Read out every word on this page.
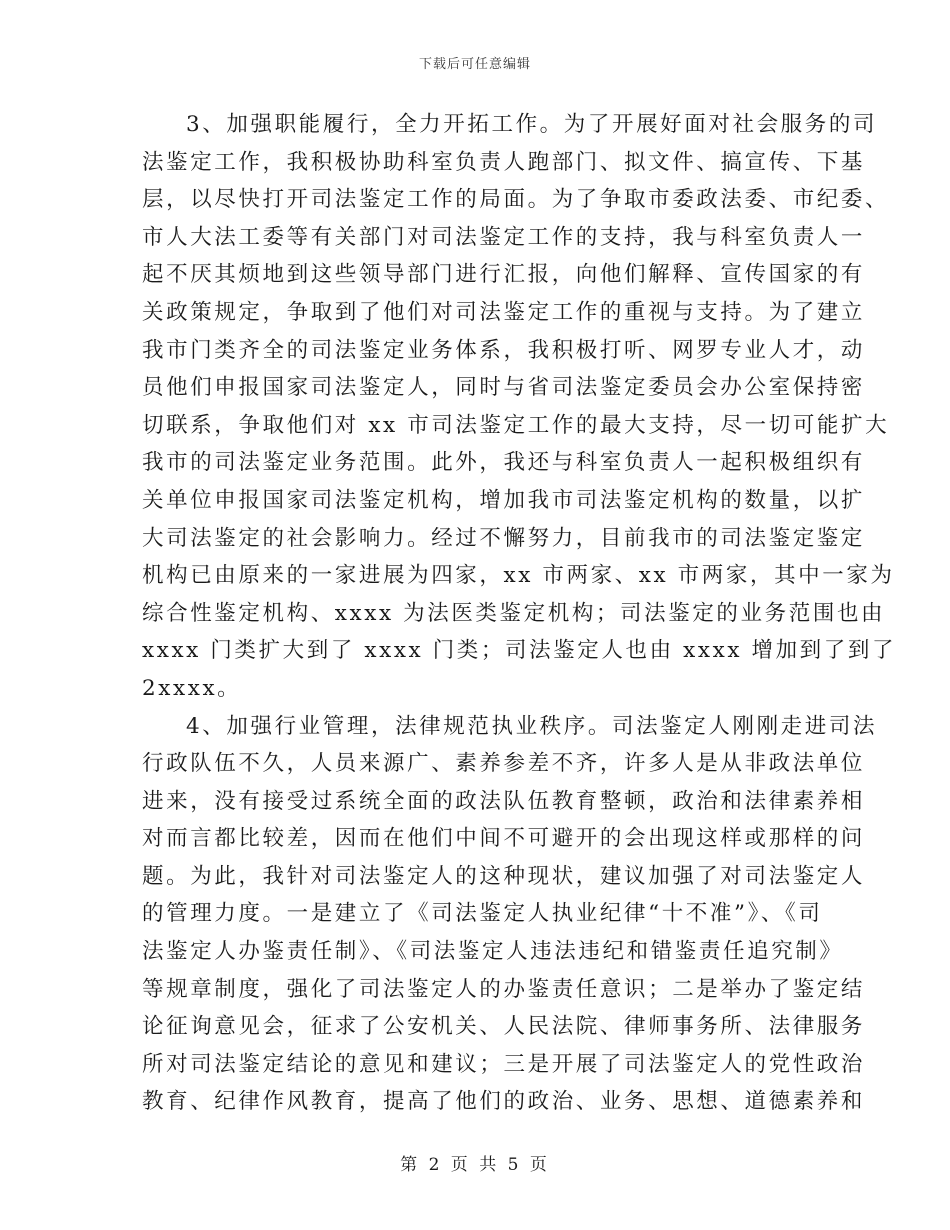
下载后可任意编辑

3、加强职能履行，全力开拓工作。为了开展好面对社会服务的司
法鉴定工作，我积极协助科室负责人跑部门、拟文件、搞宣传、下基
层，以尽快打开司法鉴定工作的局面。为了争取市委政法委、市纪委、
市人大法工委等有关部门对司法鉴定工作的支持，我与科室负责人一
起不厌其烦地到这些领导部门进行汇报，向他们解释、宣传国家的有
关政策规定，争取到了他们对司法鉴定工作的重视与支持。为了建立
我市门类齐全的司法鉴定业务体系，我积极打听、网罗专业人才，动
员他们申报国家司法鉴定人，同时与省司法鉴定委员会办公室保持密
切联系，争取他们对 xx 市司法鉴定工作的最大支持，尽一切可能扩大
我市的司法鉴定业务范围。此外，我还与科室负责人一起积极组织有
关单位申报国家司法鉴定机构，增加我市司法鉴定机构的数量，以扩
大司法鉴定的社会影响力。经过不懈努力，目前我市的司法鉴定鉴定
机构已由原来的一家进展为四家，xx 市两家、xx 市两家，其中一家为
综合性鉴定机构、xxxx 为法医类鉴定机构；司法鉴定的业务范围也由
xxxx 门类扩大到了 xxxx 门类；司法鉴定人也由 xxxx 增加到了到了
2xxxx。

4、加强行业管理，法律规范执业秩序。司法鉴定人刚刚走进司法
行政队伍不久，人员来源广、素养参差不齐，许多人是从非政法单位
进来，没有接受过系统全面的政法队伍教育整顿，政治和法律素养相
对而言都比较差，因而在他们中间不可避开的会出现这样或那样的问
题。为此，我针对司法鉴定人的这种现状，建议加强了对司法鉴定人
的管理力度。一是建立了《司法鉴定人执业纪律“十不准”》、《司
法鉴定人办鉴责任制》、《司法鉴定人违法违纪和错鉴责任追究制》
等规章制度，强化了司法鉴定人的办鉴责任意识；二是举办了鉴定结
论征询意见会，征求了公安机关、人民法院、律师事务所、法律服务
所对司法鉴定结论的意见和建议；三是开展了司法鉴定人的党性政治
教育、纪律作风教育，提高了他们的政治、业务、思想、道德素养和

第 2 页 共 5 页
